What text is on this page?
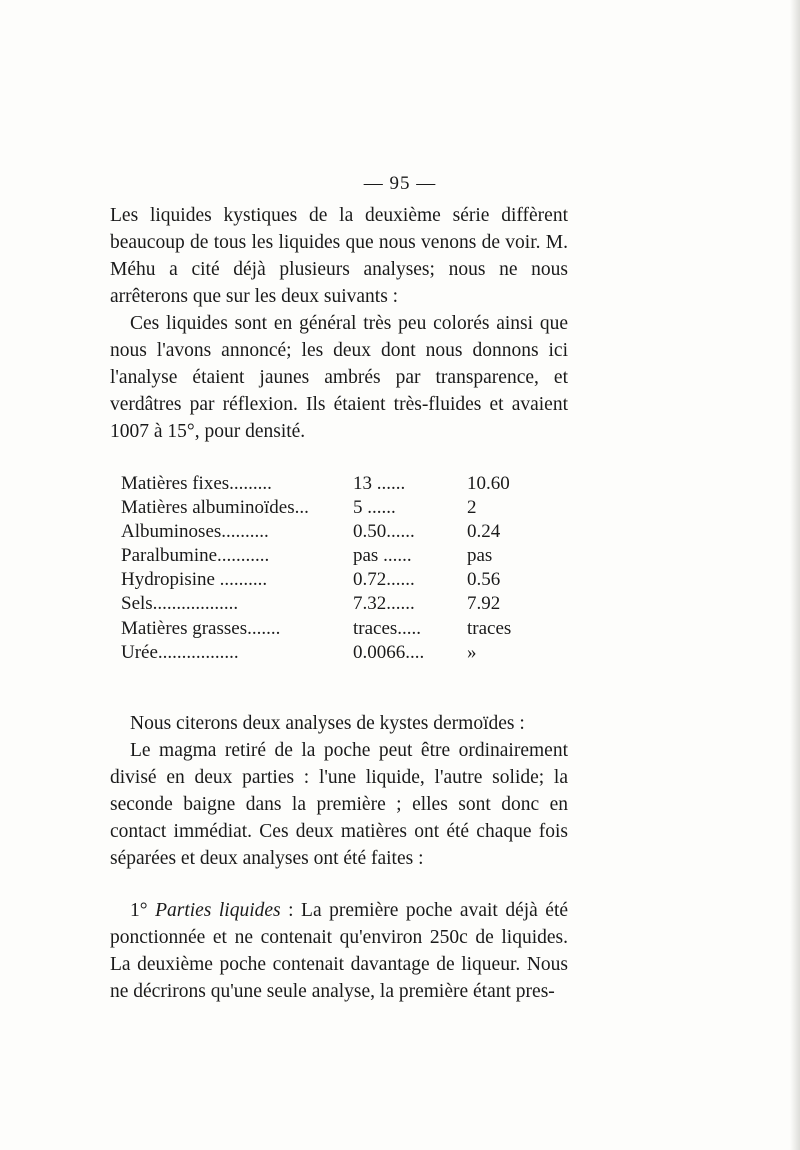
— 95 —

Les liquides kystiques de la deuxième série diffèrent beaucoup de tous les liquides que nous venons de voir. M. Méhu a cité déjà plusieurs analyses; nous ne nous arrêterons que sur les deux suivants :

Ces liquides sont en général très peu colorés ainsi que nous l'avons annoncé; les deux dont nous donnons ici l'analyse étaient jaunes ambrés par transparence, et verdâtres par réflexion. Ils étaient très-fluides et avaient 1007 à 15°, pour densité.

Matières fixes.........	13 ......	10.60
Matières albuminoïdes...	5 ......	2
Albuminoses..........	0.50......	0.24
Paralbumine...........	pas ......	pas
Hydropisine ..........	0.72......	0.56
Sels..................	7.32......	7.92
Matières grasses.......	traces.....	traces
Urée.................	0.0066....	»

Nous citerons deux analyses de kystes dermoïdes :

Le magma retiré de la poche peut être ordinairement divisé en deux parties : l'une liquide, l'autre solide; la seconde baigne dans la première ; elles sont donc en contact immédiat. Ces deux matières ont été chaque fois séparées et deux analyses ont été faites :

1° Parties liquides : La première poche avait déjà été ponctionnée et ne contenait qu'environ 250c de liquides. La deuxième poche contenait davantage de liqueur. Nous ne décrirons qu'une seule analyse, la première étant pres-
